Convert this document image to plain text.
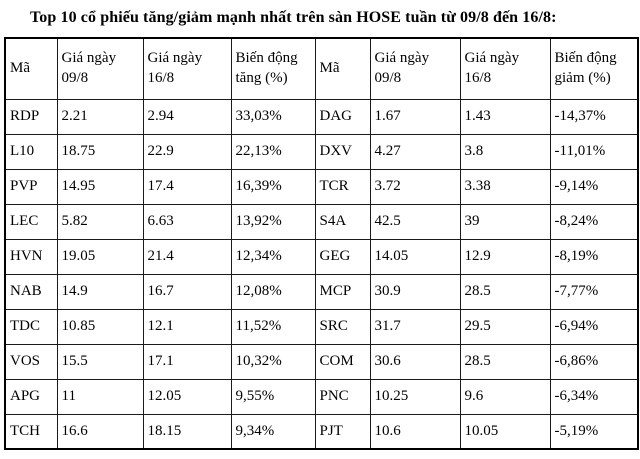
Top 10 cổ phiếu tăng/giảm mạnh nhất trên sàn HOSE tuần từ 09/8 đến 16/8:
Mã	Giá ngày 09/8	Giá ngày 16/8	Biến động tăng (%)	Mã	Giá ngày 09/8	Giá ngày 16/8	Biến động giảm (%)
RDP	2.21	2.94	33,03%	DAG	1.67	1.43	-14,37%
L10	18.75	22.9	22,13%	DXV	4.27	3.8	-11,01%
PVP	14.95	17.4	16,39%	TCR	3.72	3.38	-9,14%
LEC	5.82	6.63	13,92%	S4A	42.5	39	-8,24%
HVN	19.05	21.4	12,34%	GEG	14.05	12.9	-8,19%
NAB	14.9	16.7	12,08%	MCP	30.9	28.5	-7,77%
TDC	10.85	12.1	11,52%	SRC	31.7	29.5	-6,94%
VOS	15.5	17.1	10,32%	COM	30.6	28.5	-6,86%
APG	11	12.05	9,55%	PNC	10.25	9.6	-6,34%
TCH	16.6	18.15	9,34%	PJT	10.6	10.05	-5,19%
